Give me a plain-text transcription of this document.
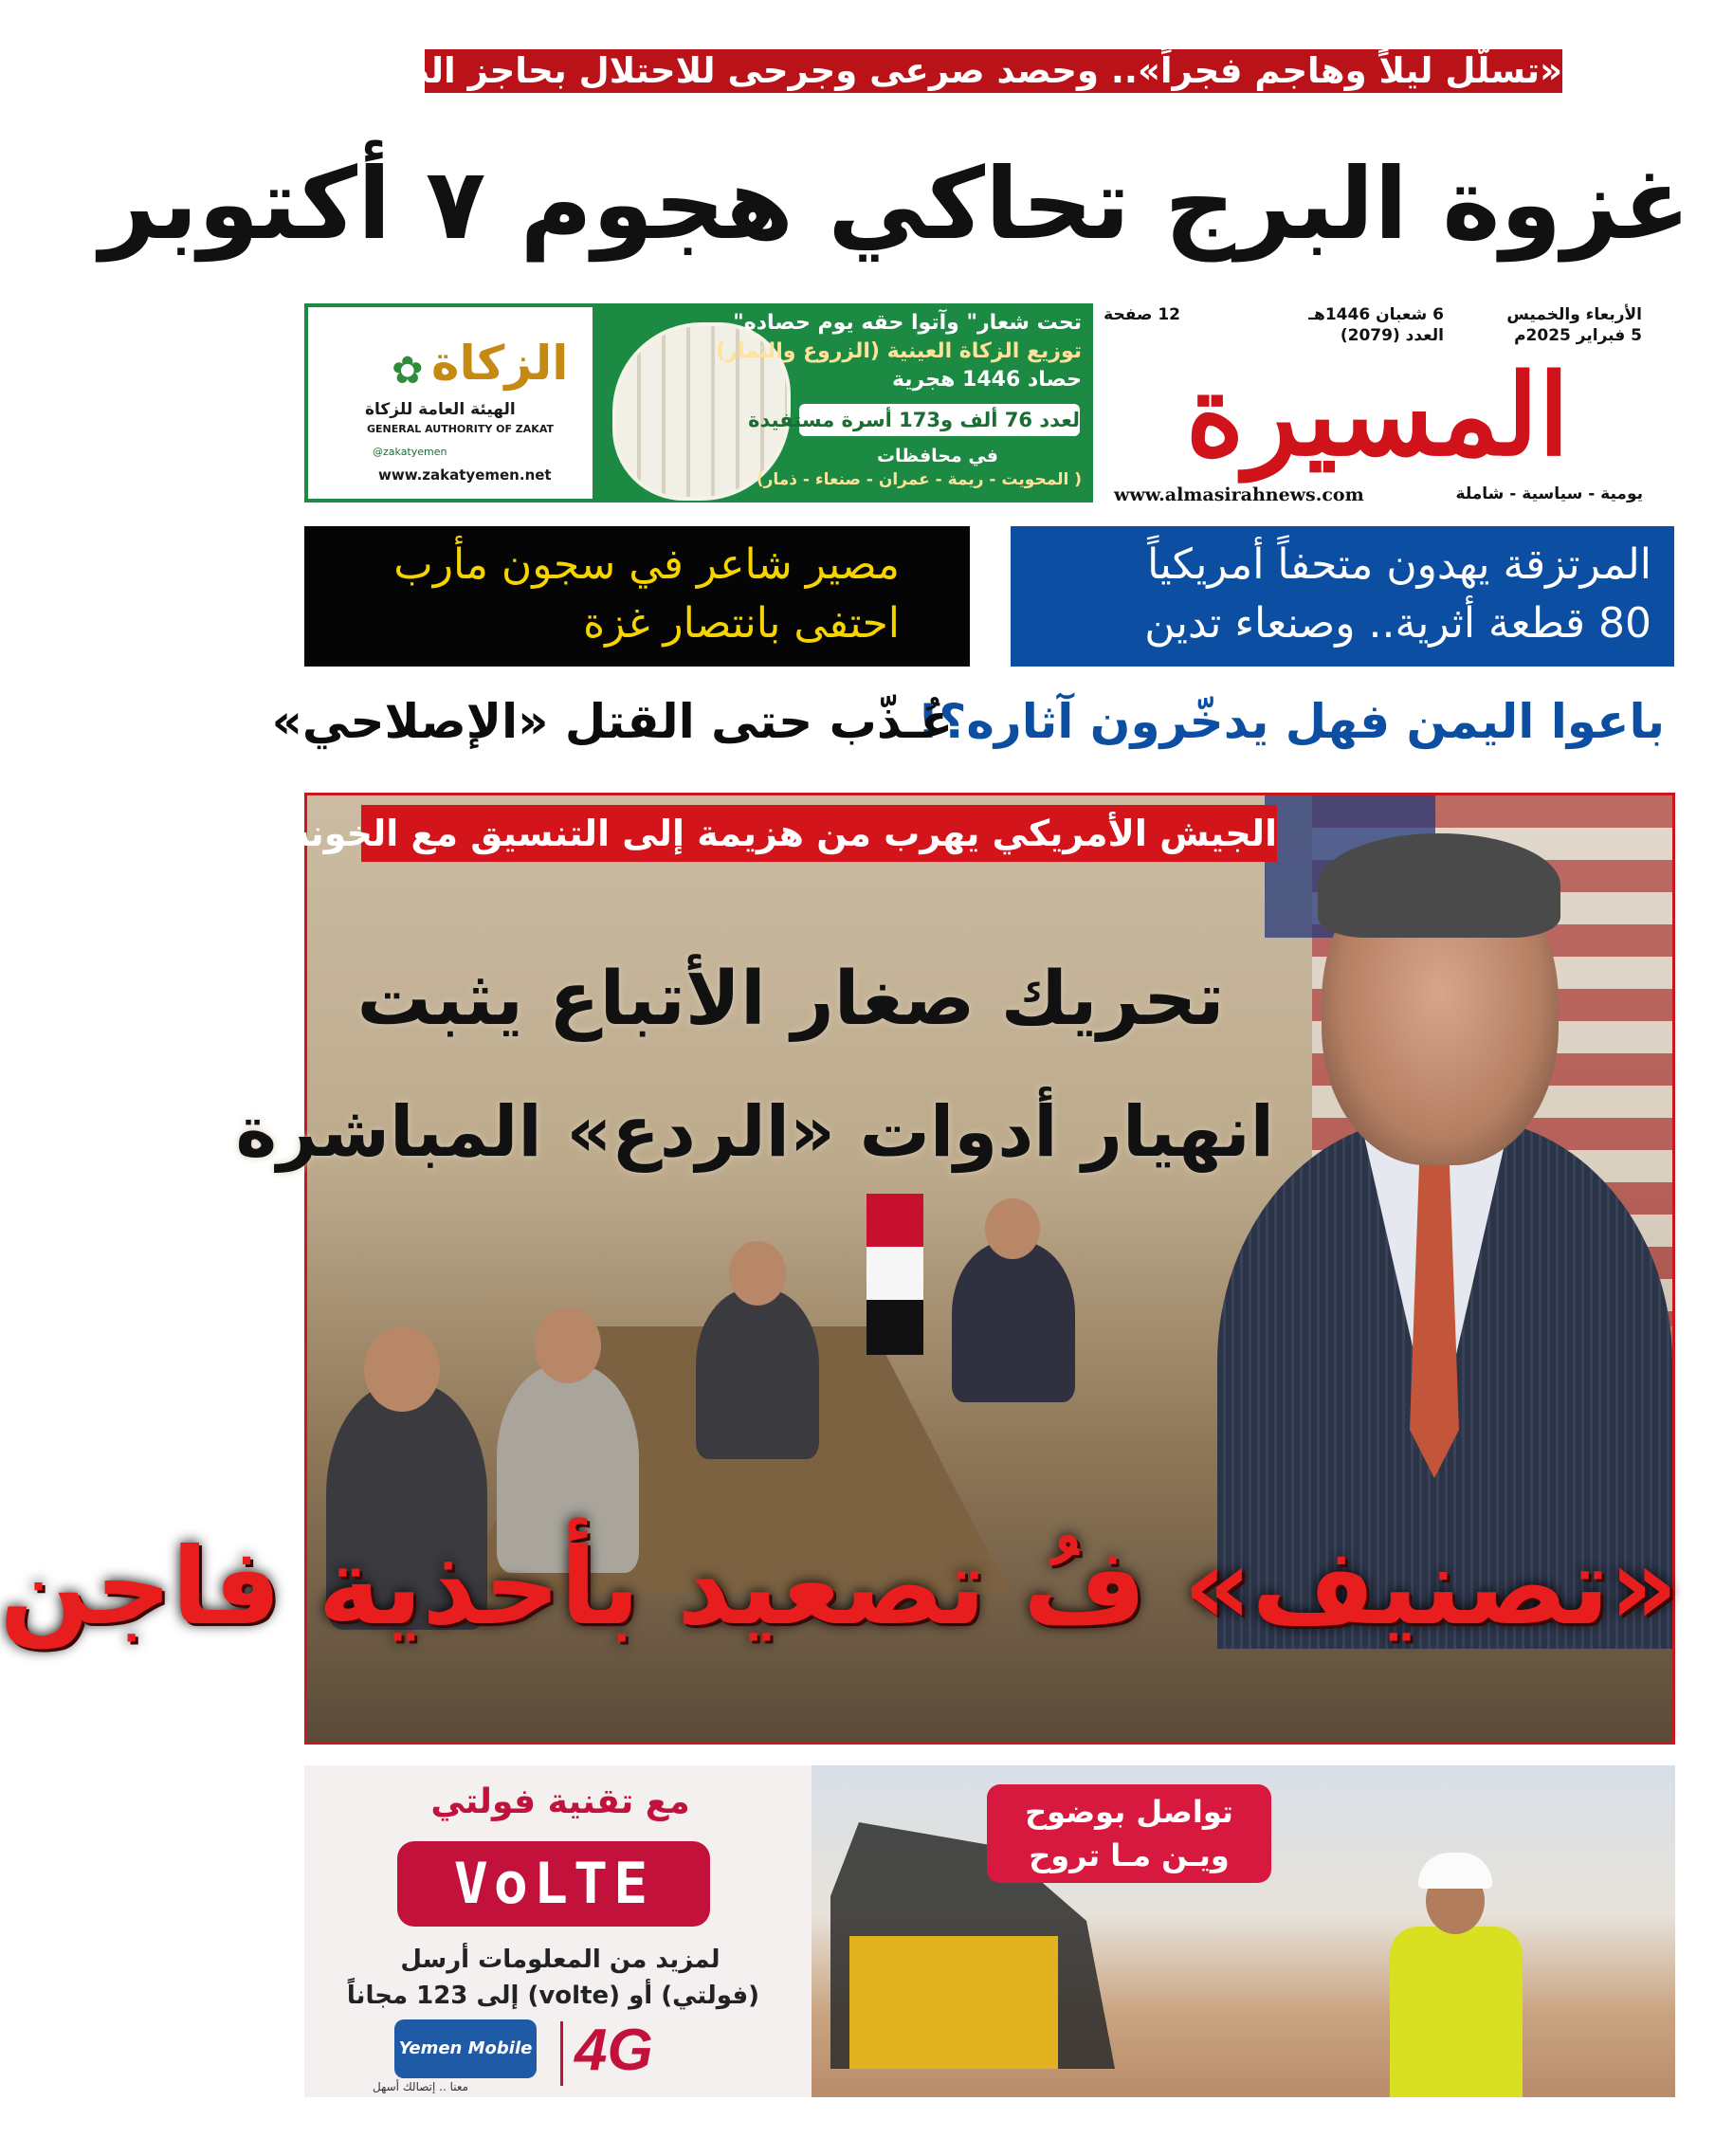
«تسلّل ليلاً وهاجم فجراً».. وحصد صرعى وجرحى للاحتلال بحاجز الضفة
غزوة البرج تحاكي هجوم ٧ أكتوبر
الأربعاء والخميس
5 فبراير 2025م
6 شعبان 1446هـ
العدد (2079)
12 صفحة
المسيرة
يومية - سياسية - شاملة
www.almasirahnews.com
✿ الزكاة
الهيئة العامة للزكاة
GENERAL AUTHORITY OF ZAKAT
@zakatyemen
www.zakatyemen.net
تحت شعار" وآتوا حقه يوم حصاده"
توزيع الزكاة العينية (الزروع والثمار)
حصاد 1446 هجرية
لعدد 76 ألف و173 أسرة مستفيدة
في محافظات
( المحويت - ريمة - عمران - صنعاء - ذمار)
المرتزقة يهدون متحفاً أمريكياً
80 قطعة أثرية.. وصنعاء تدين
مصير شاعر في سجون مأرب
احتفى بانتصار غزة
باعوا اليمن فهل يدخّرون آثاره؟!
عُـذّب حتى القتل «الإصلاحي»
الجيش الأمريكي يهرب من هزيمة إلى التنسيق مع الخونة
تحريك صغار الأتباع يثبت
انهيار أدوات «الردع» المباشرة
«تصنيف» فُ تصعيد بأحذية فاجن
تواصل بوضوح
ويـن مـا تروح
مع تقنية فولتي
VoLTE
لمزيد من المعلومات أرسل
(فولتي) أو (volte) إلى 123 مجاناً
Yemen Mobile 4G
معنا .. إتصالك أسهل
